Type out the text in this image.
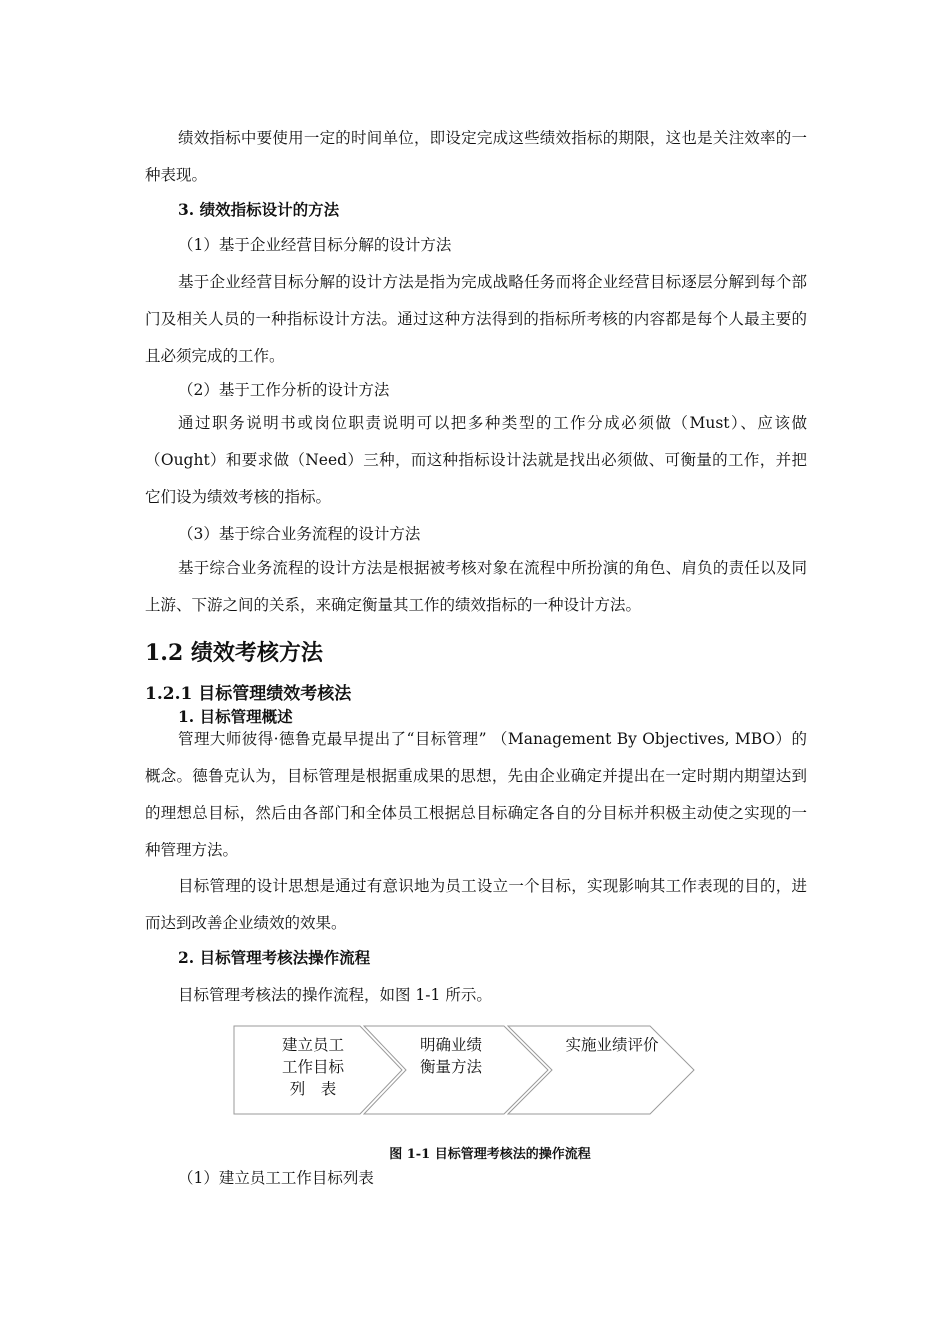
绩效指标中要使用一定的时间单位，即设定完成这些绩效指标的期限，这也是关注效率的一种表现。

3. 绩效指标设计的方法

（1）基于企业经营目标分解的设计方法

基于企业经营目标分解的设计方法是指为完成战略任务而将企业经营目标逐层分解到每个部门及相关人员的一种指标设计方法。通过这种方法得到的指标所考核的内容都是每个人最主要的且必须完成的工作。

（2）基于工作分析的设计方法

通过职务说明书或岗位职责说明可以把多种类型的工作分成必须做（Must）、应该做（Ought）和要求做（Need）三种，而这种指标设计法就是找出必须做、可衡量的工作，并把它们设为绩效考核的指标。

（3）基于综合业务流程的设计方法

基于综合业务流程的设计方法是根据被考核对象在流程中所扮演的角色、肩负的责任以及同上游、下游之间的关系，来确定衡量其工作的绩效指标的一种设计方法。

1.2 绩效考核方法
1.2.1 目标管理绩效考核法

1. 目标管理概述

管理大师彼得·德鲁克最早提出了“目标管理” （Management By Objectives, MBO）的概念。德鲁克认为，目标管理是根据重成果的思想，先由企业确定并提出在一定时期内期望达到的理想总目标，然后由各部门和全体员工根据总目标确定各自的分目标并积极主动使之实现的一种管理方法。

目标管理的设计思想是通过有意识地为员工设立一个目标，实现影响其工作表现的目的，进而达到改善企业绩效的效果。

2. 目标管理考核法操作流程

目标管理考核法的操作流程，如图 1-1 所示。

建立员工
工作目标
列　表
明确业绩
衡量方法
实施业绩评价

图 1-1 目标管理考核法的操作流程

（1）建立员工工作目标列表
